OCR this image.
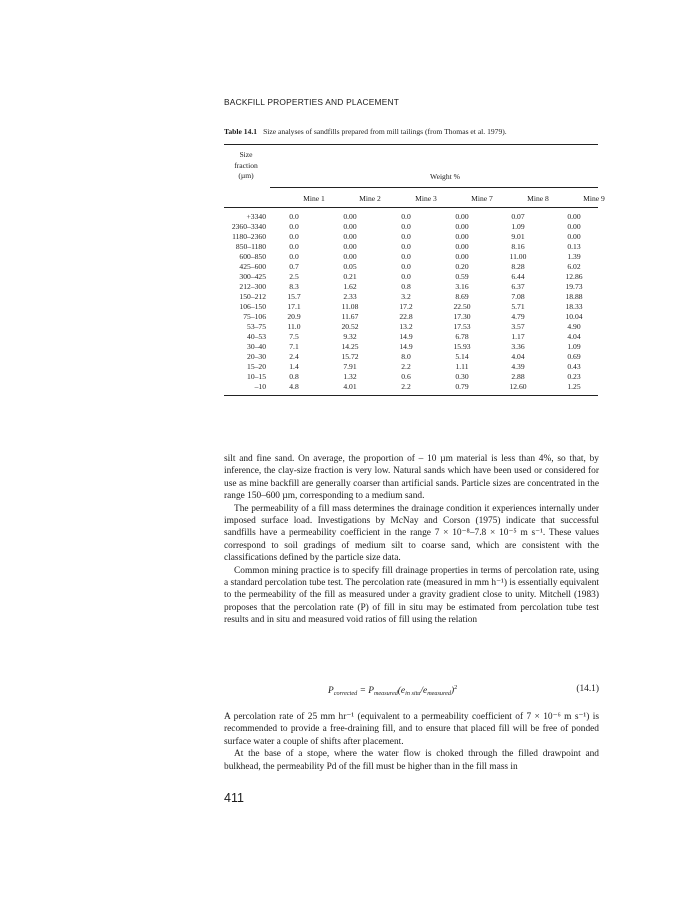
BACKFILL PROPERTIES AND PLACEMENT
Table 14.1 Size analyses of sandfills prepared from mill tailings (from Thomas et al. 1979).
Size
fraction
(µm)	Weight %
Mine 1	Mine 2	Mine 3	Mine 7	Mine 8	Mine 9
+3340	0.0	0.00	0.0	0.00	0.07	0.00
2360–3340	0.0	0.00	0.0	0.00	1.09	0.00
1180–2360	0.0	0.00	0.0	0.00	9.01	0.00
850–1180	0.0	0.00	0.0	0.00	8.16	0.13
600–850	0.0	0.00	0.0	0.00	11.00	1.39
425–600	0.7	0.05	0.0	0.20	8.28	6.02
300–425	2.5	0.21	0.0	0.59	6.44	12.86
212–300	8.3	1.62	0.8	3.16	6.37	19.73
150–212	15.7	2.33	3.2	8.69	7.08	18.88
106–150	17.1	11.08	17.2	22.50	5.71	18.33
75–106	20.9	11.67	22.8	17.30	4.79	10.04
53–75	11.0	20.52	13.2	17.53	3.57	4.90
40–53	7.5	9.32	14.9	6.78	1.17	4.04
30–40	7.1	14.25	14.9	15.93	3.36	1.09
20–30	2.4	15.72	8.0	5.14	4.04	0.69
15–20	1.4	7.91	2.2	1.11	4.39	0.43
10–15	0.8	1.32	0.6	0.30	2.88	0.23
–10	4.8	4.01	2.2	0.79	12.60	1.25

silt and fine sand. On average, the proportion of – 10 µm material is less than 4%, so that, by inference, the clay-size fraction is very low. Natural sands which have been used or considered for use as mine backfill are generally coarser than artificial sands. Particle sizes are concentrated in the range 150–600 µm, corresponding to a medium sand.

The permeability of a fill mass determines the drainage condition it experiences internally under imposed surface load. Investigations by McNay and Corson (1975) indicate that successful sandfills have a permeability coefficient in the range 7 × 10⁻⁸–7.8 × 10⁻⁵ m s⁻¹. These values correspond to soil gradings of medium silt to coarse sand, which are consistent with the classifications defined by the particle size data.

Common mining practice is to specify fill drainage properties in terms of percolation rate, using a standard percolation tube test. The percolation rate (measured in mm h⁻¹) is essentially equivalent to the permeability of the fill as measured under a gravity gradient close to unity. Mitchell (1983) proposes that the percolation rate (P) of fill in situ may be estimated from percolation tube test results and in situ and measured void ratios of fill using the relation

$P_{corrected} = P_{measured}(e_{in situ}/e_{measured})^2$	(14.1)

A percolation rate of 25 mm hr⁻¹ (equivalent to a permeability coefficient of 7 × 10⁻⁶ m s⁻¹) is recommended to provide a free-draining fill, and to ensure that placed fill will be free of ponded surface water a couple of shifts after placement.

At the base of a stope, where the water flow is choked through the filled drawpoint and bulkhead, the permeability Pd of the fill must be higher than in the fill mass in

411
